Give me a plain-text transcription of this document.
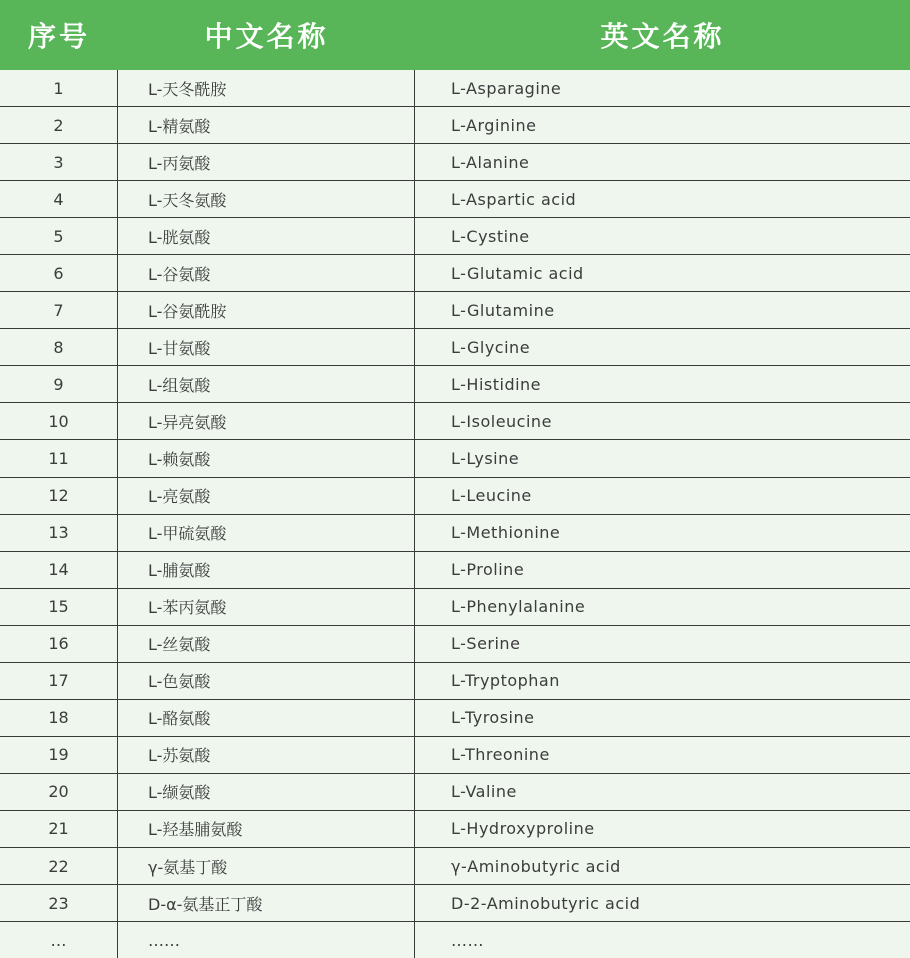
序号	中文名称	英文名称
1	L-天冬酰胺	L-Asparagine
2	L-精氨酸	L-Arginine
3	L-丙氨酸	L-Alanine
4	L-天冬氨酸	L-Aspartic acid
5	L-胱氨酸	L-Cystine
6	L-谷氨酸	L-Glutamic acid
7	L-谷氨酰胺	L-Glutamine
8	L-甘氨酸	L-Glycine
9	L-组氨酸	L-Histidine
10	L-异亮氨酸	L-Isoleucine
11	L-赖氨酸	L-Lysine
12	L-亮氨酸	L-Leucine
13	L-甲硫氨酸	L-Methionine
14	L-脯氨酸	L-Proline
15	L-苯丙氨酸	L-Phenylalanine
16	L-丝氨酸	L-Serine
17	L-色氨酸	L-Tryptophan
18	L-酪氨酸	L-Tyrosine
19	L-苏氨酸	L-Threonine
20	L-缬氨酸	L-Valine
21	L-羟基脯氨酸	L-Hydroxyproline
22	γ-氨基丁酸	γ-Aminobutyric acid
23	D-α-氨基正丁酸	D-2-Aminobutyric acid
…	……	……
